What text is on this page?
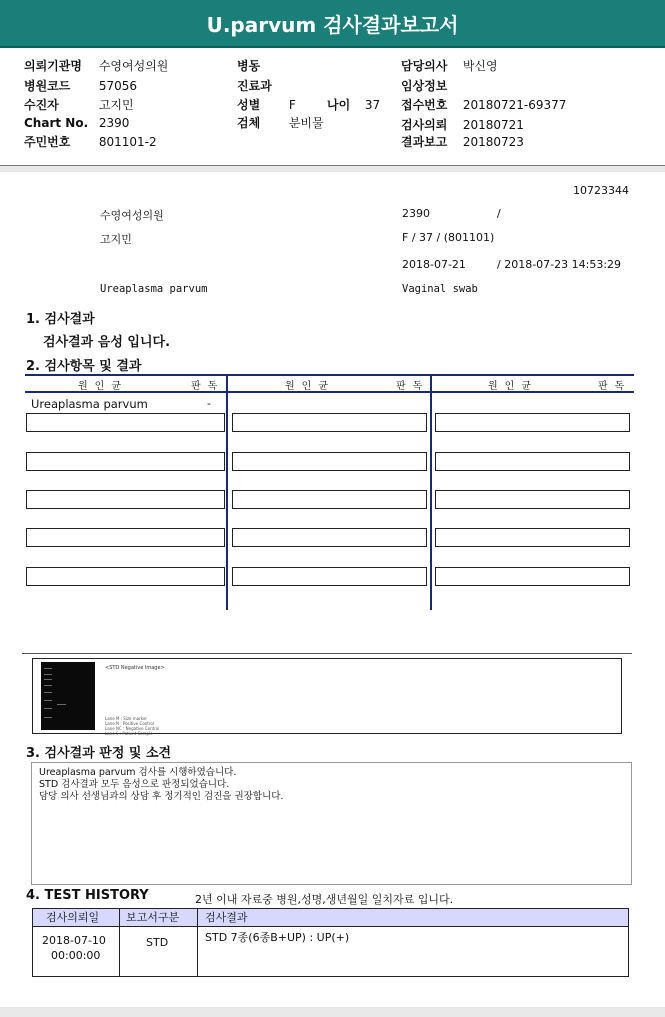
U.parvum 검사결과보고서
의뢰기관명 수영여성의원	병동	담당의사 박신영
병원코드 57056	진료과	임상정보
수진자	고지민	성별 F	나이 37 접수번호 20180721-69377
Chart No. 2390	검체 분비물	검사의뢰 20180721
주민번호 801101-2	결과보고 20180723
10723344
수영여성의원	2390	/
고지민	F / 37 / (801101)
2018-07-21	/ 2018-07-23 14:53:29
Ureaplasma parvum	Vaginal swab
1. 검사결과
검사결과 음성 입니다.
2. 검사항목 및 결과
원인균	판독	원인균	판독	원인균	판독
Ureaplasma parvum	-
<STD Negative Image>
Lane M : Size marker
Lane N : Positive Control
Lane NC : Negative Control
Lane S : Patient Sample
3. 검사결과 판정 및 소견
Ureaplasma parvum 검사를 시행하였습니다.
STD 검사결과 모두 음성으로 판정되었습니다.
담당 의사 선생님과의 상담 후 정기적인 검진을 권장합니다.
4. TEST HISTORY	2년 이내 자료중 병원,성명,생년월일 일치자료 입니다.
검사의뢰일 보고서구분 검사결과
2018-07-10
00:00:00
STD	STD 7종(6종B+UP) : UP(+)
